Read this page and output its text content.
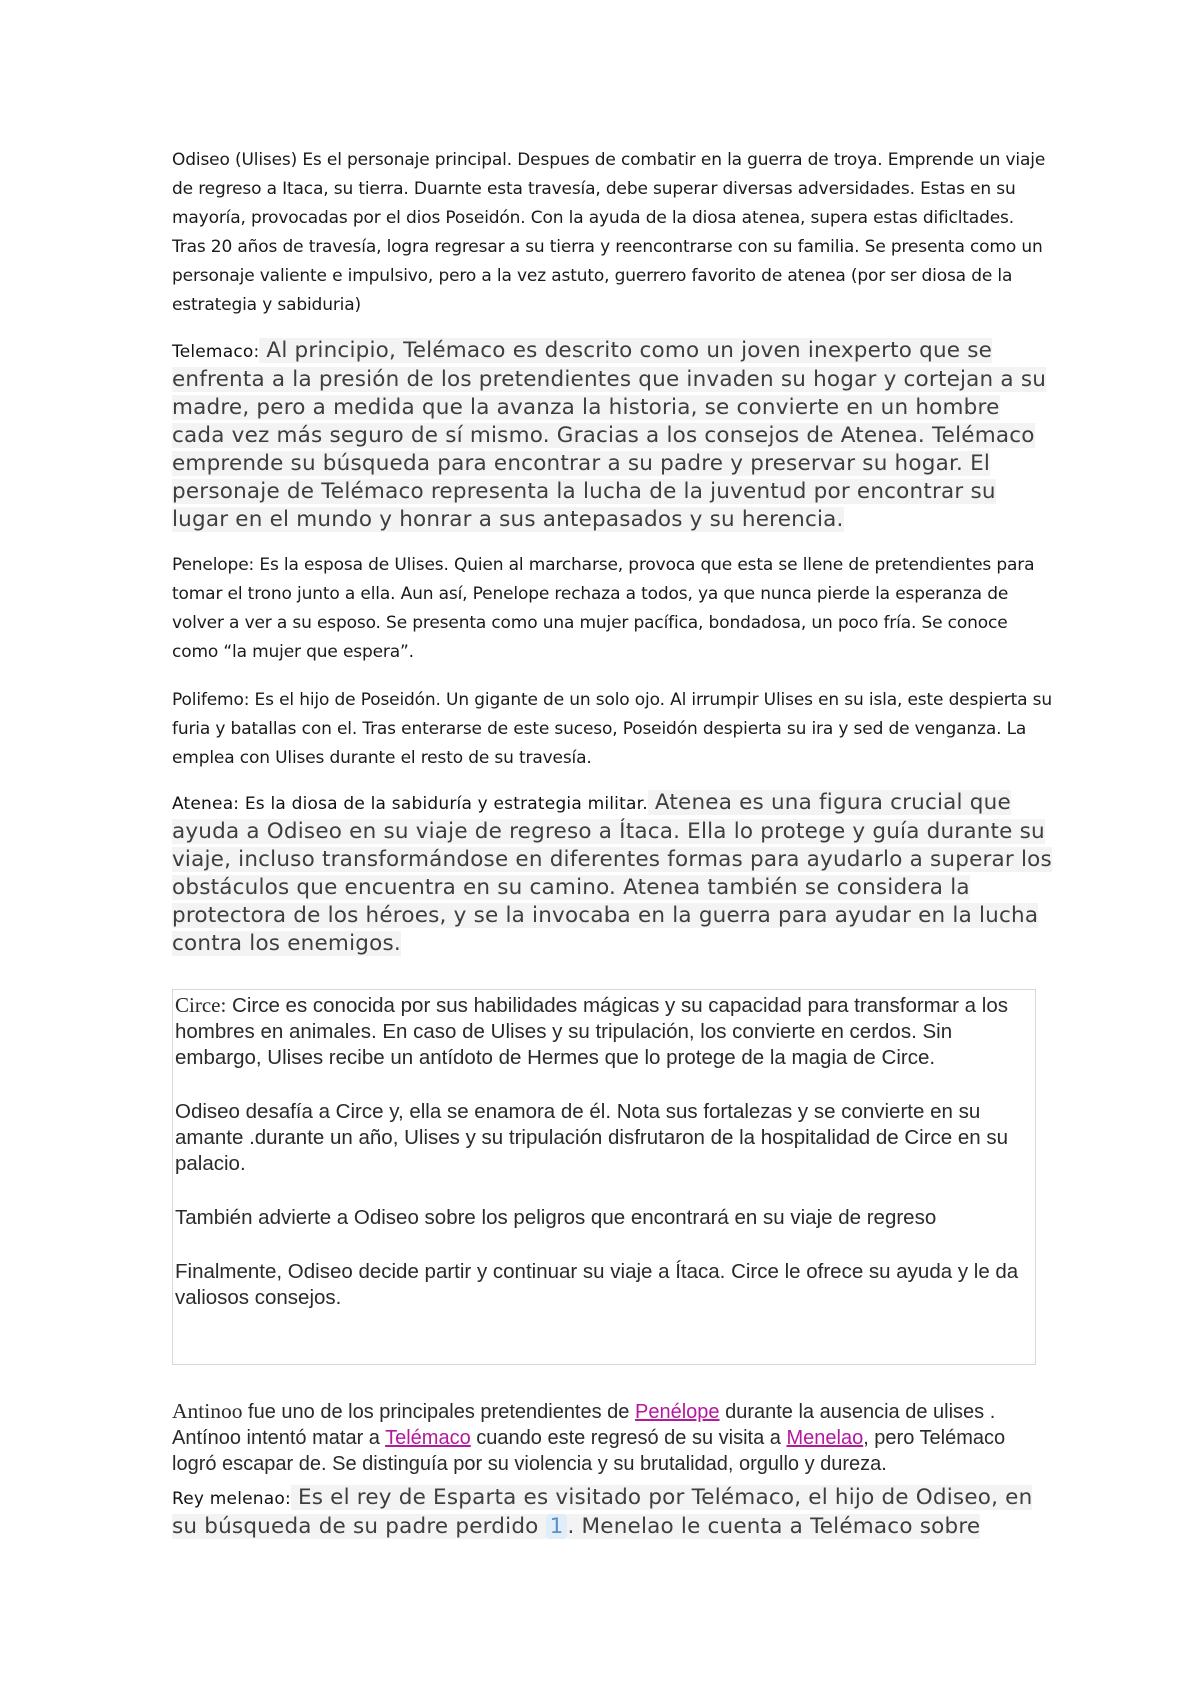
Odiseo (Ulises) Es el personaje principal. Despues de combatir en la guerra de troya. Emprende un viaje de regreso a Itaca, su tierra. Duarnte esta travesía, debe superar diversas adversidades. Estas en su mayoría, provocadas por el dios Poseidón. Con la ayuda de la diosa atenea, supera estas dificltades. Tras 20 años de travesía, logra regresar a su tierra y reencontrarse con su familia. Se presenta como un personaje valiente e impulsivo, pero a la vez astuto, guerrero favorito de atenea (por ser diosa de la estrategia y sabiduria)

Telemaco: Al principio, Telémaco es descrito como un joven inexperto que se enfrenta a la presión de los pretendientes que invaden su hogar y cortejan a su madre, pero a medida que la avanza la historia, se convierte en un hombre cada vez más seguro de sí mismo. Gracias a los consejos de Atenea. Telémaco emprende su búsqueda para encontrar a su padre y preservar su hogar. El personaje de Telémaco representa la lucha de la juventud por encontrar su lugar en el mundo y honrar a sus antepasados y su herencia.

Penelope: Es la esposa de Ulises. Quien al marcharse, provoca que esta se llene de pretendientes para tomar el trono junto a ella. Aun así, Penelope rechaza a todos, ya que nunca pierde la esperanza de volver a ver a su esposo. Se presenta como una mujer pacífica, bondadosa, un poco fría. Se conoce como “la mujer que espera”.

Polifemo: Es el hijo de Poseidón. Un gigante de un solo ojo. Al irrumpir Ulises en su isla, este despierta su furia y batallas con el. Tras enterarse de este suceso, Poseidón despierta su ira y sed de venganza. La emplea con Ulises durante el resto de su travesía.

Atenea: Es la diosa de la sabiduría y estrategia militar. Atenea es una figura crucial que ayuda a Odiseo en su viaje de regreso a Ítaca. Ella lo protege y guía durante su viaje, incluso transformándose en diferentes formas para ayudarlo a superar los obstáculos que encuentra en su camino. Atenea también se considera la protectora de los héroes, y se la invocaba en la guerra para ayudar en la lucha contra los enemigos.

Circe: Circe es conocida por sus habilidades mágicas y su capacidad para transformar a los hombres en animales. En caso de Ulises y su tripulación, los convierte en cerdos. Sin embargo, Ulises recibe un antídoto de Hermes que lo protege de la magia de Circe.

Odiseo desafía a Circe y, ella se enamora de él. Nota sus fortalezas y se convierte en su amante .durante un año, Ulises y su tripulación disfrutaron de la hospitalidad de Circe en su palacio.

También advierte a Odiseo sobre los peligros que encontrará en su viaje de regreso

Finalmente, Odiseo decide partir y continuar su viaje a Ítaca. Circe le ofrece su ayuda y le da valiosos consejos.

Antinoo fue uno de los principales pretendientes de Penélope durante la ausencia de ulises . Antínoo intentó matar a Telémaco cuando este regresó de su visita a Menelao, pero Telémaco logró escapar de. Se distinguía por su violencia y su brutalidad, orgullo y dureza.

Rey melenao: Es el rey de Esparta es visitado por Telémaco, el hijo de Odiseo, en su búsqueda de su padre perdido 1 . Menelao le cuenta a Telémaco sobre
